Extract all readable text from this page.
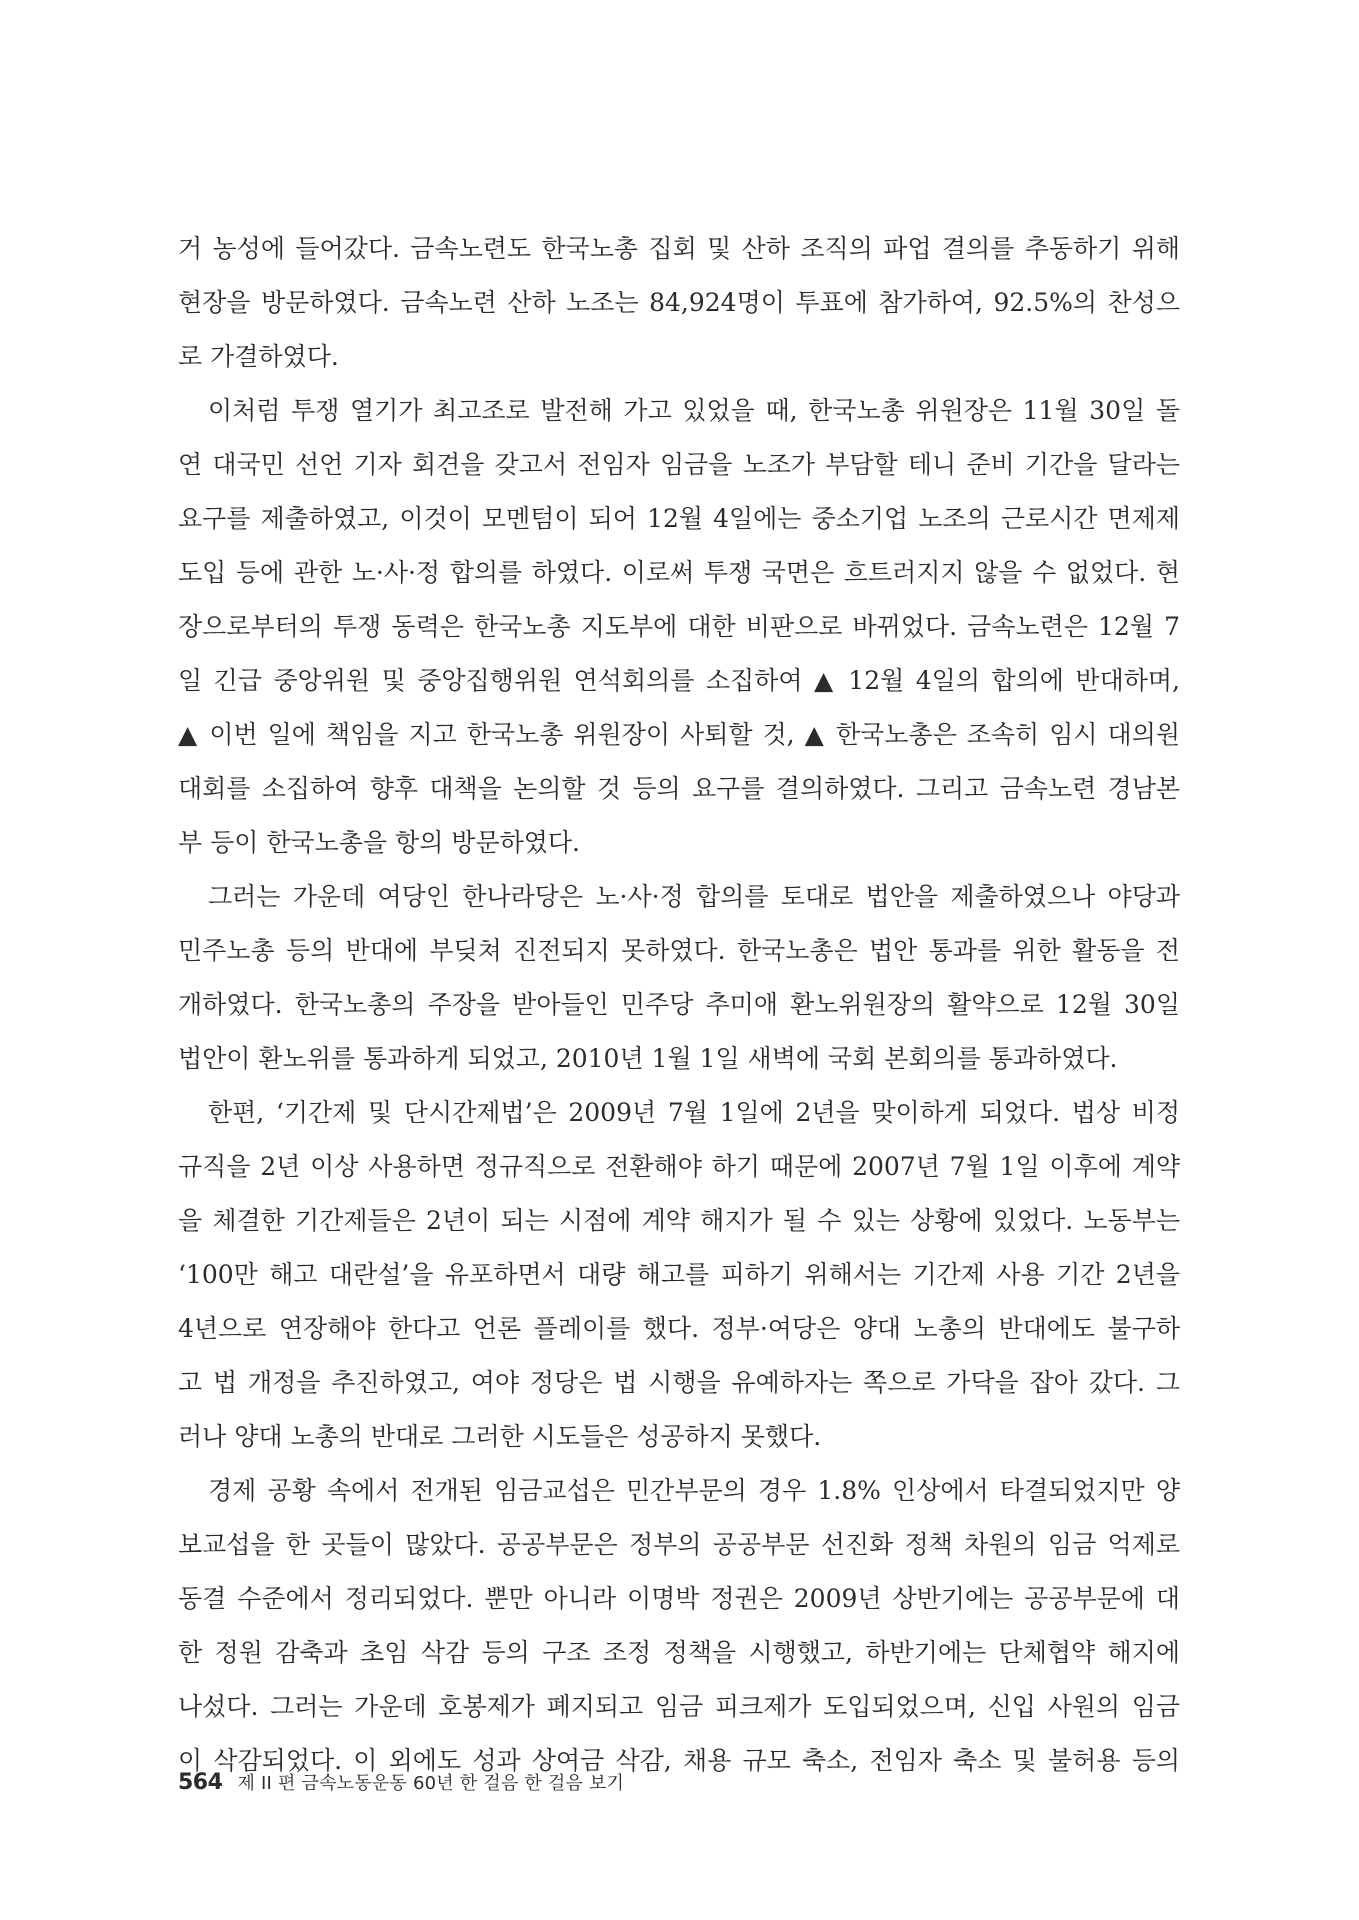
거 농성에 들어갔다. 금속노련도 한국노총 집회 및 산하 조직의 파업 결의를 추동하기 위해
현장을 방문하였다. 금속노련 산하 노조는 84,924명이 투표에 참가하여, 92.5%의 찬성으
로 가결하였다.
이처럼 투쟁 열기가 최고조로 발전해 가고 있었을 때, 한국노총 위원장은 11월 30일 돌
연 대국민 선언 기자 회견을 갖고서 전임자 임금을 노조가 부담할 테니 준비 기간을 달라는
요구를 제출하였고, 이것이 모멘텀이 되어 12월 4일에는 중소기업 노조의 근로시간 면제제
도입 등에 관한 노·사·정 합의를 하였다. 이로써 투쟁 국면은 흐트러지지 않을 수 없었다. 현
장으로부터의 투쟁 동력은 한국노총 지도부에 대한 비판으로 바뀌었다. 금속노련은 12월 7
일 긴급 중앙위원 및 중앙집행위원 연석회의를 소집하여 ▲ 12월 4일의 합의에 반대하며,
▲ 이번 일에 책임을 지고 한국노총 위원장이 사퇴할 것, ▲ 한국노총은 조속히 임시 대의원
대회를 소집하여 향후 대책을 논의할 것 등의 요구를 결의하였다. 그리고 금속노련 경남본
부 등이 한국노총을 항의 방문하였다.
그러는 가운데 여당인 한나라당은 노·사·정 합의를 토대로 법안을 제출하였으나 야당과
민주노총 등의 반대에 부딪쳐 진전되지 못하였다. 한국노총은 법안 통과를 위한 활동을 전
개하였다. 한국노총의 주장을 받아들인 민주당 추미애 환노위원장의 활약으로 12월 30일
법안이 환노위를 통과하게 되었고, 2010년 1월 1일 새벽에 국회 본회의를 통과하였다.
한편, ‘기간제 및 단시간제법’은 2009년 7월 1일에 2년을 맞이하게 되었다. 법상 비정
규직을 2년 이상 사용하면 정규직으로 전환해야 하기 때문에 2007년 7월 1일 이후에 계약
을 체결한 기간제들은 2년이 되는 시점에 계약 해지가 될 수 있는 상황에 있었다. 노동부는
‘100만 해고 대란설’을 유포하면서 대량 해고를 피하기 위해서는 기간제 사용 기간 2년을
4년으로 연장해야 한다고 언론 플레이를 했다. 정부·여당은 양대 노총의 반대에도 불구하
고 법 개정을 추진하였고, 여야 정당은 법 시행을 유예하자는 쪽으로 가닥을 잡아 갔다. 그
러나 양대 노총의 반대로 그러한 시도들은 성공하지 못했다.
경제 공황 속에서 전개된 임금교섭은 민간부문의 경우 1.8% 인상에서 타결되었지만 양
보교섭을 한 곳들이 많았다. 공공부문은 정부의 공공부문 선진화 정책 차원의 임금 억제로
동결 수준에서 정리되었다. 뿐만 아니라 이명박 정권은 2009년 상반기에는 공공부문에 대
한 정원 감축과 초임 삭감 등의 구조 조정 정책을 시행했고, 하반기에는 단체협약 해지에
나섰다. 그러는 가운데 호봉제가 폐지되고 임금 피크제가 도입되었으며, 신입 사원의 임금
이 삭감되었다. 이 외에도 성과 상여금 삭감, 채용 규모 축소, 전임자 축소 및 불허용 등의
564 제 II 편 금속노동운동 60년 한 걸음 한 걸음 보기
